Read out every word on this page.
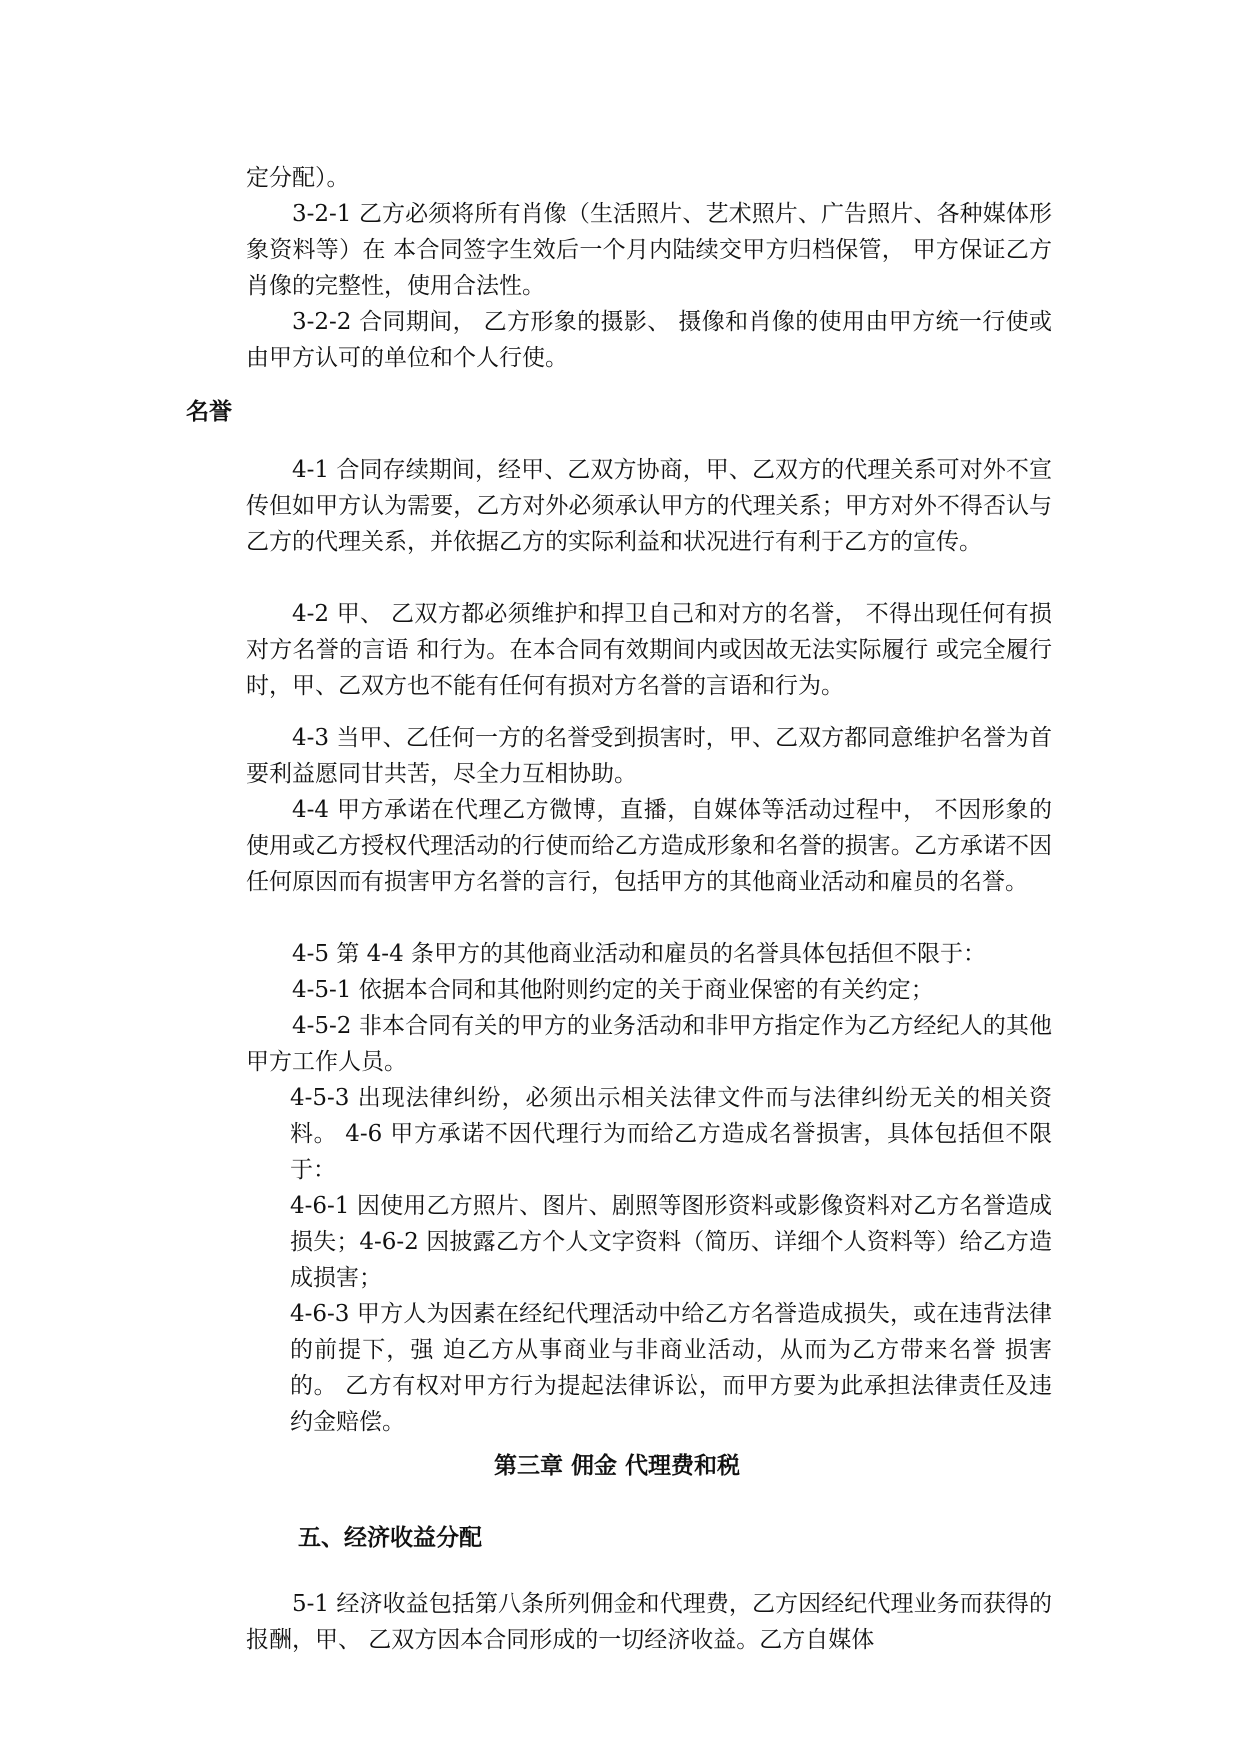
定分配）。

3-2-1 乙方必须将所有肖像（生活照片、艺术照片、广告照片、各种媒体形象资料等）在 本合同签字生效后一个月内陆续交甲方归档保管， 甲方保证乙方肖像的完整性，使用合法性。

3-2-2 合同期间， 乙方形象的摄影、 摄像和肖像的使用由甲方统一行使或由甲方认可的单位和个人行使。

名誉

4-1 合同存续期间，经甲、乙双方协商，甲、乙双方的代理关系可对外不宣传但如甲方认为需要，乙方对外必须承认甲方的代理关系；甲方对外不得否认与乙方的代理关系，并依据乙方的实际利益和状况进行有利于乙方的宣传。

4-2 甲、 乙双方都必须维护和捍卫自己和对方的名誉， 不得出现任何有损对方名誉的言语 和行为。在本合同有效期间内或因故无法实际履行 或完全履行时，甲、乙双方也不能有任何有损对方名誉的言语和行为。

4-3 当甲、乙任何一方的名誉受到损害时，甲、乙双方都同意维护名誉为首要利益愿同甘共苦，尽全力互相协助。

4-4 甲方承诺在代理乙方微博，直播，自媒体等活动过程中， 不因形象的使用或乙方授权代理活动的行使而给乙方造成形象和名誉的损害。乙方承诺不因任何原因而有损害甲方名誉的言行，包括甲方的其他商业活动和雇员的名誉。

4-5 第 4-4 条甲方的其他商业活动和雇员的名誉具体包括但不限于：

4-5-1 依据本合同和其他附则约定的关于商业保密的有关约定；

4-5-2 非本合同有关的甲方的业务活动和非甲方指定作为乙方经纪人的其他甲方工作人员。

4-5-3 出现法律纠纷，必须出示相关法律文件而与法律纠纷无关的相关资料。 4-6 甲方承诺不因代理行为而给乙方造成名誉损害，具体包括但不限于：

4-6-1 因使用乙方照片、图片、剧照等图形资料或影像资料对乙方名誉造成损失；4-6-2 因披露乙方个人文字资料（简历、详细个人资料等）给乙方造成损害；

4-6-3 甲方人为因素在经纪代理活动中给乙方名誉造成损失，或在违背法律的前提下，强 迫乙方从事商业与非商业活动，从而为乙方带来名誉 损害的。 乙方有权对甲方行为提起法律诉讼，而甲方要为此承担法律责任及违约金赔偿。

第三章 佣金 代理费和税
五、经济收益分配

5-1 经济收益包括第八条所列佣金和代理费，乙方因经纪代理业务而获得的报酬，甲、 乙双方因本合同形成的一切经济收益。乙方自媒体
